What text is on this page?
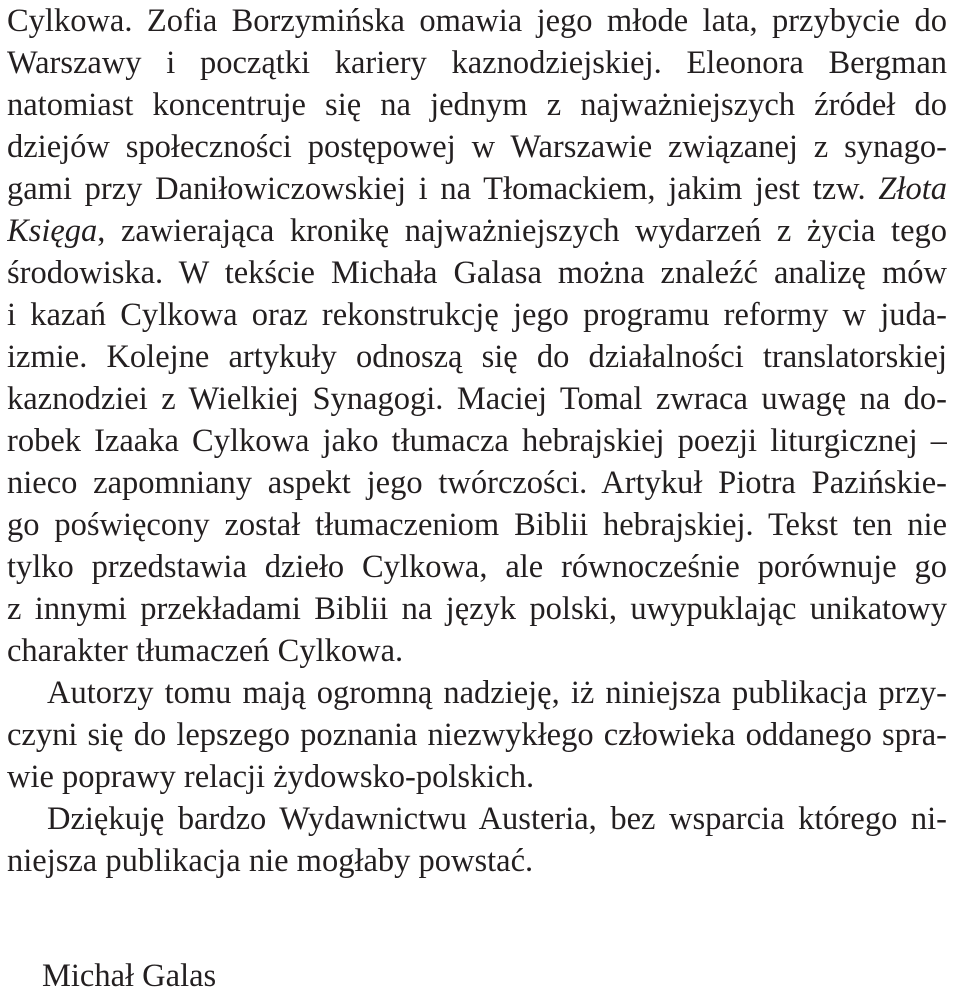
Cylkowa. Zofia Borzymińska omawia jego młode lata, przybycie do
Warszawy i początki kariery kaznodziejskiej. Eleonora Bergman
natomiast koncentruje się na jednym z najważniejszych źródeł do
dziejów społeczności postępowej w Warszawie związanej z synago-
gami przy Daniłowiczowskiej i na Tłomackiem, jakim jest tzw. Złota
Księga, zawierająca kronikę najważniejszych wydarzeń z życia tego
środowiska. W tekście Michała Galasa można znaleźć analizę mów
i kazań Cylkowa oraz rekonstrukcję jego programu reformy w juda-
izmie. Kolejne artykuły odnoszą się do działalności translatorskiej
kaznodziei z Wielkiej Synagogi. Maciej Tomal zwraca uwagę na do-
robek Izaaka Cylkowa jako tłumacza hebrajskiej poezji liturgicznej –
nieco zapomniany aspekt jego twórczości. Artykuł Piotra Pazińskie-
go poświęcony został tłumaczeniom Biblii hebrajskiej. Tekst ten nie
tylko przedstawia dzieło Cylkowa, ale równocześnie porównuje go
z innymi przekładami Biblii na język polski, uwypuklając unikatowy
charakter tłumaczeń Cylkowa.
Autorzy tomu mają ogromną nadzieję, iż niniejsza publikacja przy-
czyni się do lepszego poznania niezwykłego człowieka oddanego spra-
wie poprawy relacji żydowsko-polskich.
Dziękuję bardzo Wydawnictwu Austeria, bez wsparcia którego ni-
niejsza publikacja nie mogłaby powstać.
Michał Galas
